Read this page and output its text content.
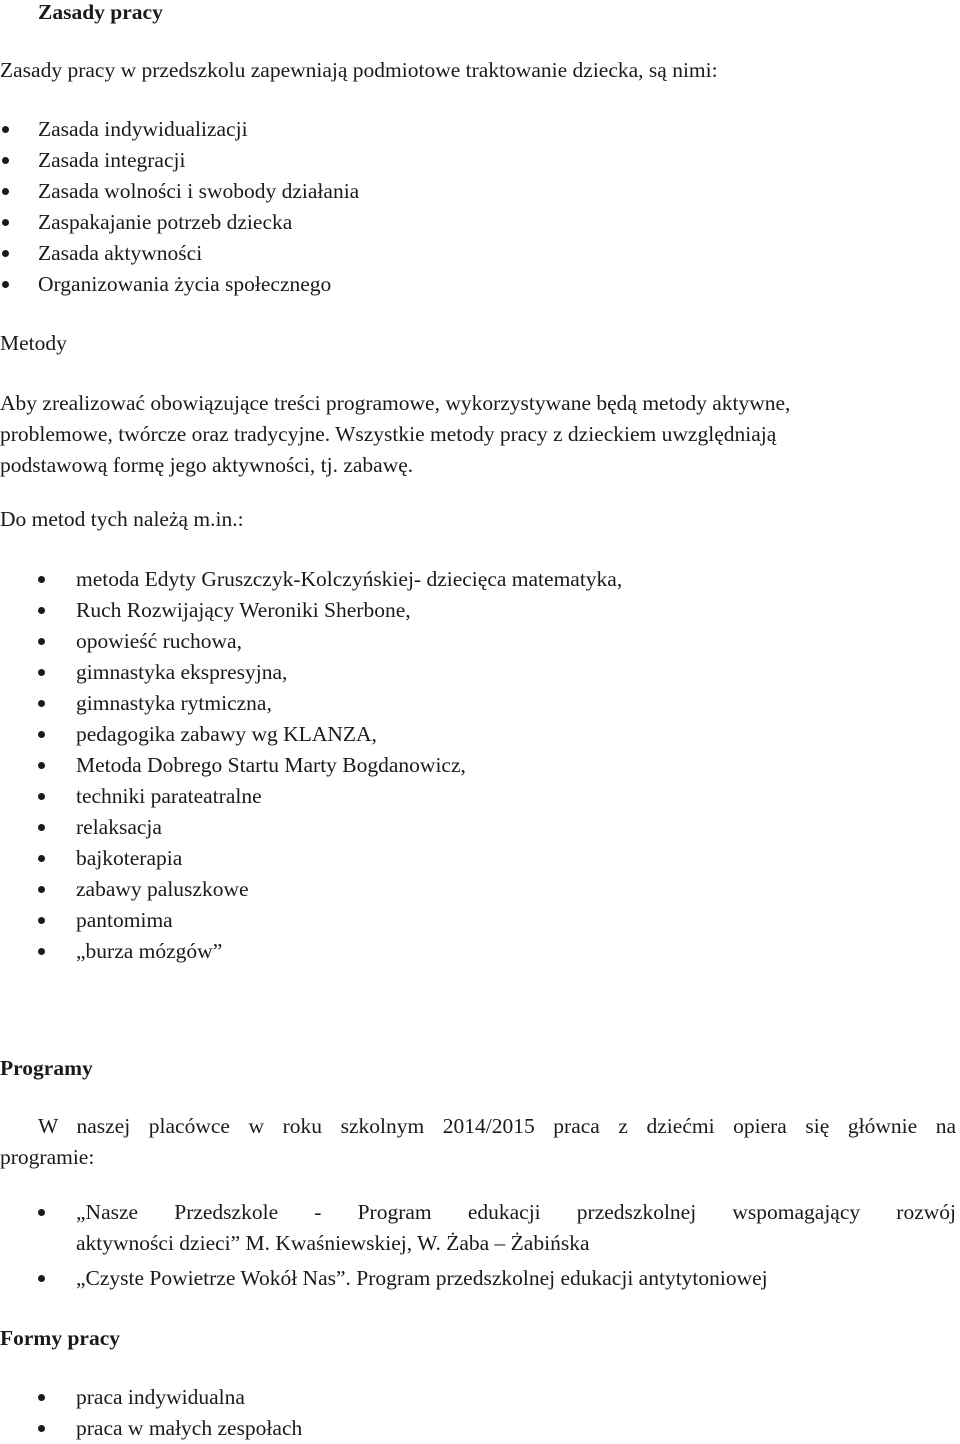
Zasady pracy

Zasady pracy w przedszkolu zapewniają podmiotowe traktowanie dziecka, są nimi:

Zasada indywidualizacji
Zasada integracji
Zasada wolności i swobody działania
Zaspakajanie potrzeb dziecka
Zasada aktywności
Organizowania życia społecznego

Metody

Aby zrealizować obowiązujące treści programowe, wykorzystywane będą metody aktywne,
problemowe, twórcze oraz tradycyjne. Wszystkie metody pracy z dzieckiem uwzględniają
podstawową formę jego aktywności, tj. zabawę.

Do metod tych należą m.in.:

metoda Edyty Gruszczyk-Kolczyńskiej- dziecięca matematyka,
Ruch Rozwijający Weroniki Sherbone,
opowieść ruchowa,
gimnastyka ekspresyjna,
gimnastyka rytmiczna,
pedagogika zabawy wg KLANZA,
Metoda Dobrego Startu Marty Bogdanowicz,
techniki parateatralne
relaksacja
bajkoterapia
zabawy paluszkowe
pantomima
„burza mózgów”
Programy
W naszej placówce w roku szkolnym 2014/2015 praca z dziećmi opiera się głównie na
programie:
„Nasze Przedszkole - Program edukacji przedszkolnej wspomagający rozwój
aktywności dzieci” M. Kwaśniewskiej, W. Żaba – Żabińska
„Czyste Powietrze Wokół Nas”. Program przedszkolnej edukacji antytytoniowej
Formy pracy
praca indywidualna
praca w małych zespołach
